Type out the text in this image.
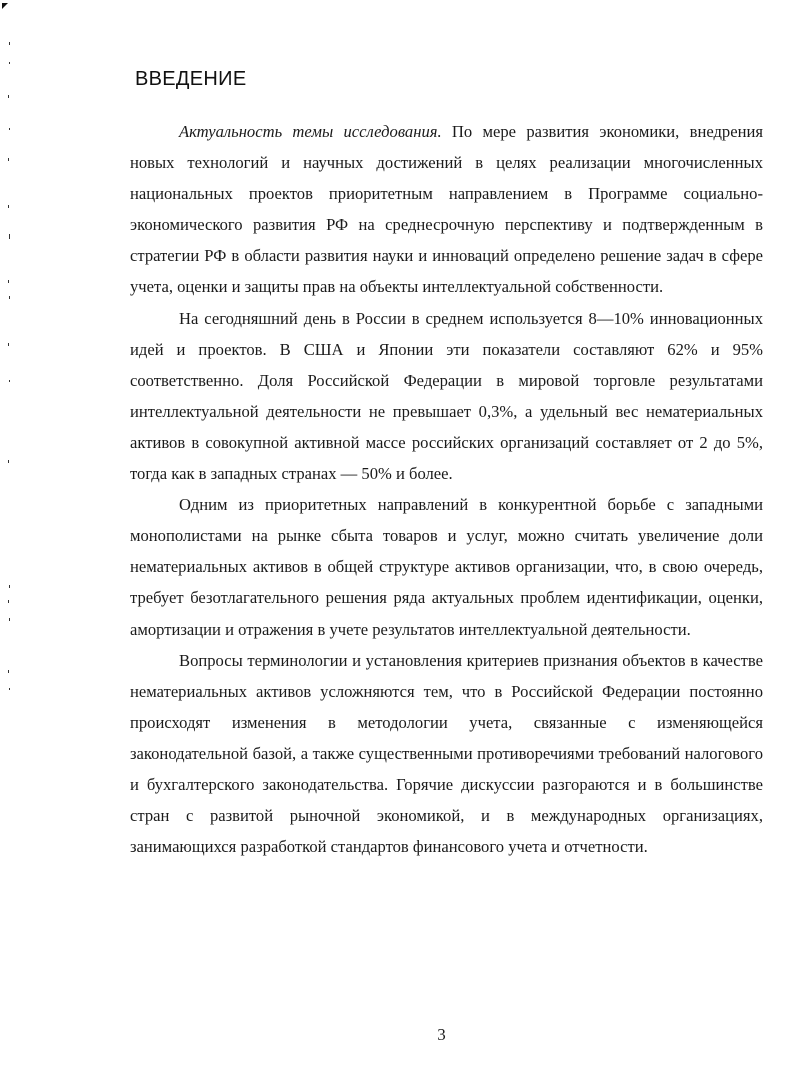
ВВЕДЕНИЕ

Актуальность темы исследования. По мере развития экономики, внедрения новых технологий и научных достижений в целях реализации многочисленных национальных проектов приоритетным направлением в Программе социально-экономического развития РФ на среднесрочную перспективу и подтвержденным в стратегии РФ в области развития науки и инноваций определено решение задач в сфере учета, оценки и защиты прав на объекты интеллектуальной собственности.

На сегодняшний день в России в среднем используется 8—10% инновационных идей и проектов. В США и Японии эти показатели составляют 62% и 95% соответственно. Доля Российской Федерации в мировой торговле результатами интеллектуальной деятельности не превышает 0,3%, а удельный вес нематериальных активов в совокупной активной массе российских организаций составляет от 2 до 5%, тогда как в западных странах — 50% и более.

Одним из приоритетных направлений в конкурентной борьбе с западными монополистами на рынке сбыта товаров и услуг, можно считать увеличение доли нематериальных активов в общей структуре активов организации, что, в свою очередь, требует безотлагательного решения ряда актуальных проблем идентификации, оценки, амортизации и отражения в учете результатов интеллектуальной деятельности.

Вопросы терминологии и установления критериев признания объектов в качестве нематериальных активов усложняются тем, что в Российской Федерации постоянно происходят изменения в методологии учета, связанные с изменяющейся законодательной базой, а также существенными противоречиями требований налогового и бухгалтерского законодательства. Горячие дискуссии разгораются и в большинстве стран с развитой рыночной экономикой, и в международных организациях, занимающихся разработкой стандартов финансового учета и отчетности.

3
